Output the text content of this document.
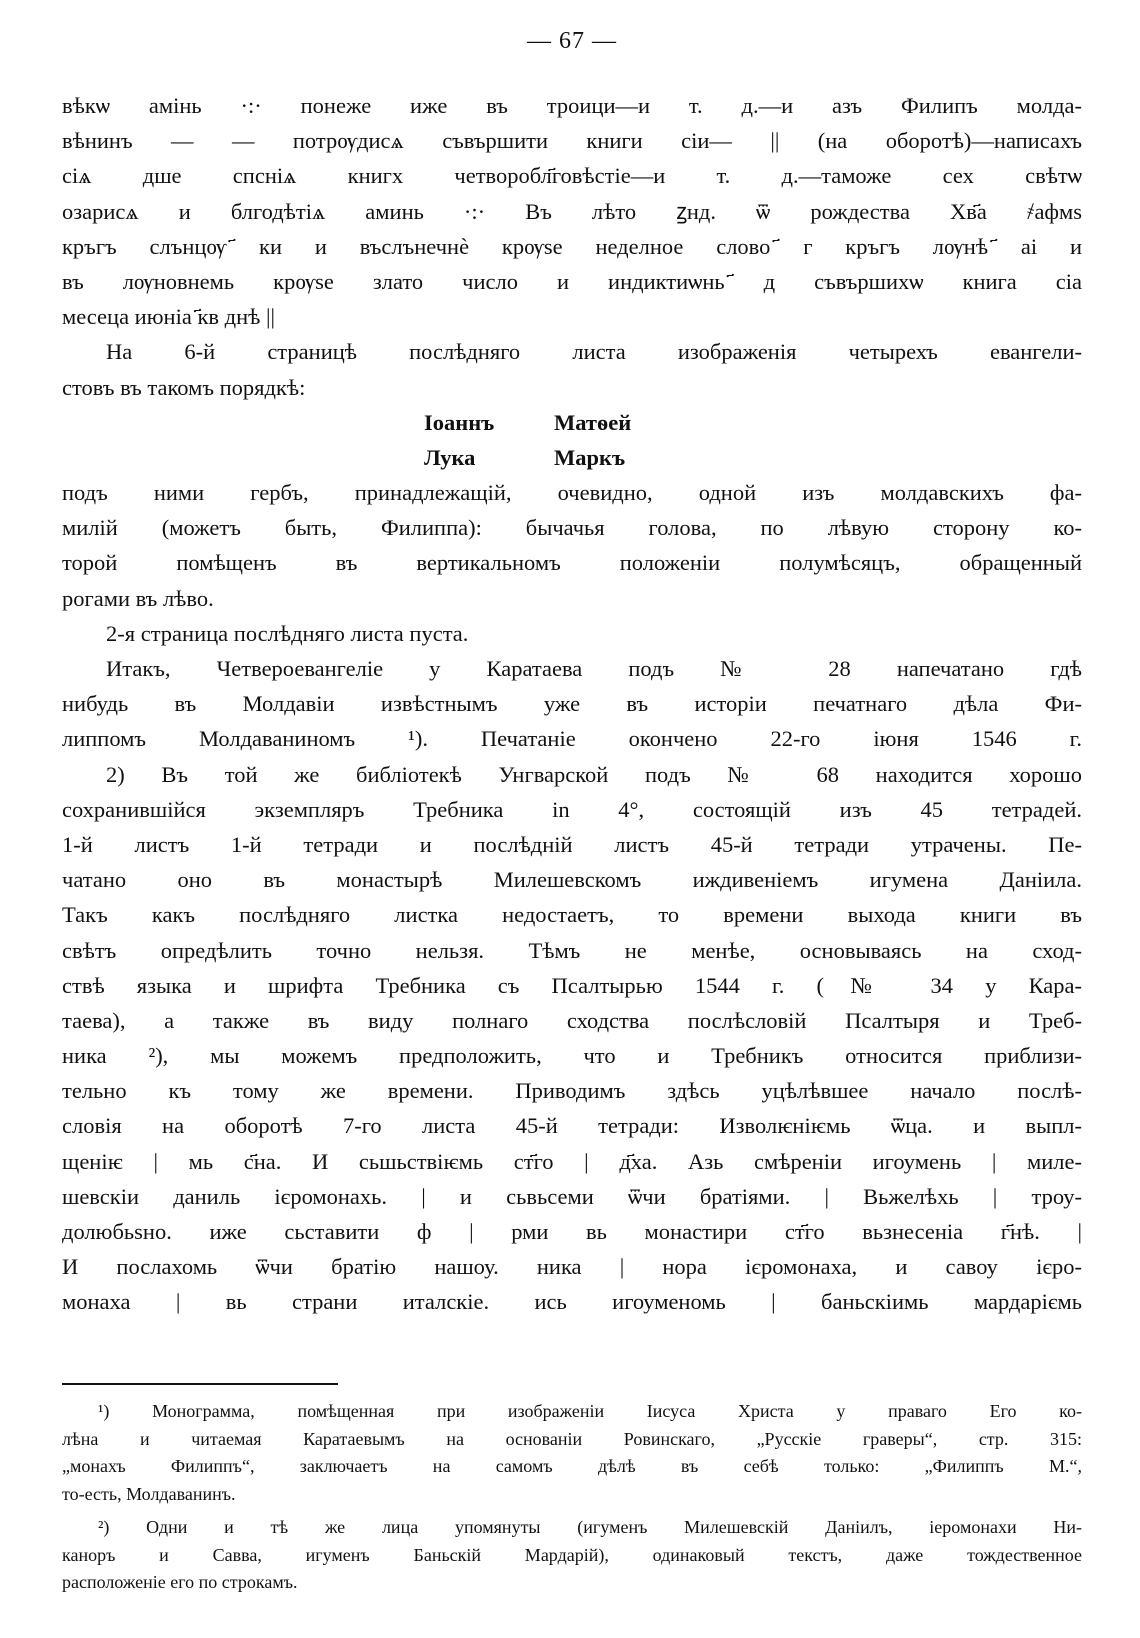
— 67 —
вѣкѡ амінь ·:· понеже иже въ троици—и т. д.—и азъ Филипъ молда-
вѣнинъ — — потрѹдисѧ съвършити книги сіи— || (на оборотѣ)—написахъ
сіѧ дше спсніѧ книгх четворобл҃говѣстіе—и т. д.—таможе сех свѣтѡ
озарисѧ и блгодѣтіѧ аминь ·:· Въ лѣто ꙁнд. ѿ рождества Хв҃а ҂афмѕ
кръгъ слънцѹ ҃ки и въслънечнѐ крѹѕе неделное слово ҃г кръгъ лѹнѣ ҃аі и
въ лѹновнемь крѹѕе злато число и индиктиѡнь ҃д съвършихѡ книга сіа
месеца июніа ҃кв днѣ ||
На 6-й страницѣ послѣдняго листа изображенія четырехъ евангели-
стовъ въ такомъ порядкѣ:
Іоаннъ	Матѳей
Лука	Маркъ
подъ ними гербъ, принадлежащій, очевидно, одной изъ молдавскихъ фа-
милій (можетъ быть, Филиппа): бычачья голова, по лѣвую сторону ко-
торой помѣщенъ въ вертикальномъ положеніи полумѣсяцъ, обращенный
рогами въ лѣво.
2-я страница послѣдняго листа пуста.
Итакъ, Четвероевангеліе у Каратаева подъ № 28 напечатано гдѣ
нибудь въ Молдавіи извѣстнымъ уже въ исторіи печатнаго дѣла Фи-
липпомъ Молдаваниномъ ¹). Печатаніе окончено 22-го іюня 1546 г.
2) Въ той же библіотекѣ Унгварской подъ № 68 находится хорошо
сохранившійся экземпляръ Требника in 4°, состоящій изъ 45 тетрадей.
1-й листъ 1-й тетради и послѣдній листъ 45-й тетради утрачены. Пе-
чатано оно въ монастырѣ Милешевскомъ иждивеніемъ игумена Даніила.
Такъ какъ послѣдняго листка недостаетъ, то времени выхода книги въ
свѣтъ опредѣлить точно нельзя. Тѣмъ не менѣе, основываясь на сход-
ствѣ языка и шрифта Требника съ Псалтырью 1544 г. (№ 34 у Кара-
таева), а также въ виду полнаго сходства послѣсловій Псалтыря и Треб-
ника ²), мы можемъ предположить, что и Требникъ относится приблизи-
тельно къ тому же времени. Приводимъ здѣсь уцѣлѣвшее начало послѣ-
словія на оборотѣ 7-го листа 45-й тетради: Изволѥніѥмь ѿца. и выпл-
щеніѥ | мь с҃на. И сьшьствіѥмь ст҃го | д҃ха. Азь смѣреніи игоумень | миле-
шевскіи даниль ієромонахь. | и сьвьсеми ѿчи братіями. | Вьжелѣхь | троу-
долюбьѕно. иже сьставити ф | рми вь монастири ст҃го вьзнесеніа г҃нѣ. |
И послахомь ѿчи братію нашоу. ника | нора ієромонаха, и савоу ієро-
монаха | вь страни италскіе. ись игоуменомь | баньскіимь мардаріємь
¹) Монограмма, помѣщенная при изображеніи Іисуса Христа у праваго Его ко-
лѣна и читаемая Каратаевымъ на основаніи Ровинскаго, „Русскіе граверы“, стр. 315:
„монахъ Филиппъ“, заключаетъ на самомъ дѣлѣ въ себѣ только: „Филиппъ М.“,
то-есть, Молдаванинъ.
²) Одни и тѣ же лица упомянуты (игуменъ Милешевскій Даніилъ, іеромонахи Ни-
каноръ и Савва, игуменъ Баньскій Мардарій), одинаковый текстъ, даже тождественное
расположеніе его по строкамъ.
